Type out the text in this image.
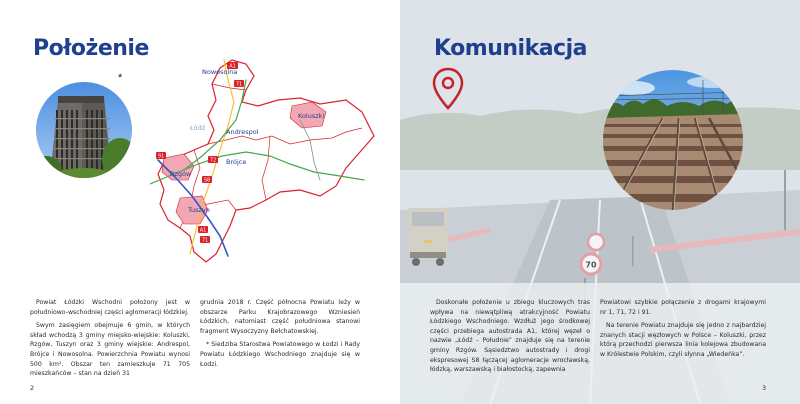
Położenie
*
A1
71
72
91
S8
A1
71
Nowosolna
Łódź	Andrespol
Koluszki
Brójce
Rzgów
Tuszyn

Powiat Łódzki Wschodni położony jest w południowo-wschodniej części aglomeracji łódzkiej.

Swym zasięgiem obejmuje 6 gmin, w których skład wchodzą 3 gminy miejsko-wiejskie: Koluszki, Rzgów, Tuszyn oraz 3 gminy wiejskie: Andrespol, Brójce i Nowosolna. Powierzchnia Powiatu wynosi 500 km². Obszar ten zamieszkuje 71 705 mieszkańców – stan na dzień 31

grudnia 2018 r. Część północna Powiatu leży w obszarze Parku Krajobrazowego Wzniesień Łódzkich, natomiast część południowa stanowi fragment Wysoczyzny Bełchatowskiej.

* Siedziba Starostwa Powiatowego w Łodzi i Rady Powiatu Łódzkiego Wschodniego znajduje się w Łodzi.

2
70
Komunikacja

Doskonałe położenie u zbiegu kluczowych tras wpływa na niewątpliwą atrakcyjność Powiatu Łódzkiego Wschodniego. Wzdłuż jego środkowej części przebiega autostrada A1, której węzeł o nazwie „Łódź – Południe” znajduje się na terenie gminy Rzgów. Sąsiedztwo autostrady i drogi ekspresowej S8 łączącej aglomeracje wrocławską, łódzką, warszawską i białostocką, zapewnia

Powiatowi szybkie połączenie z drogami krajowymi nr 1, 71, 72 i 91.

Na terenie Powiatu znajduje się jedno z najbardziej znanych stacji węzłowych w Polsce – Koluszki, przez którą przechodzi pierwsza linia kolejowa zbudowana w Królestwie Polskim, czyli słynna „Wiedeńka”.

3
